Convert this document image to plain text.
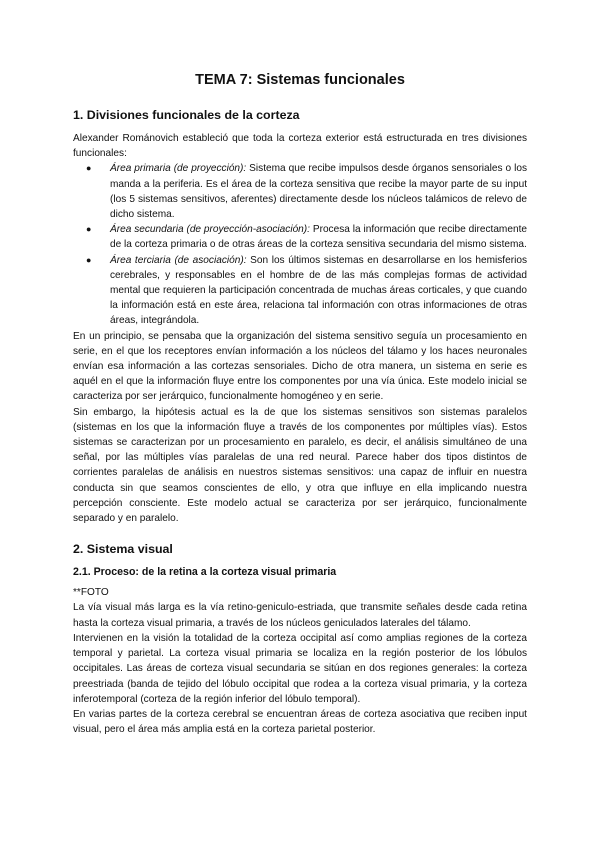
TEMA 7: Sistemas funcionales
1. Divisiones funcionales de la corteza

Alexander Románovich estableció que toda la corteza exterior está estructurada en tres divisiones funcionales:

● Área primaria (de proyección): Sistema que recibe impulsos desde órganos sensoriales o los manda a la periferia. Es el área de la corteza sensitiva que recibe la mayor parte de su input (los 5 sistemas sensitivos, aferentes) directamente desde los núcleos talámicos de relevo de dicho sistema.
● Área secundaria (de proyección-asociación): Procesa la información que recibe directamente de la corteza primaria o de otras áreas de la corteza sensitiva secundaria del mismo sistema.
● Área terciaria (de asociación): Son los últimos sistemas en desarrollarse en los hemisferios cerebrales, y responsables en el hombre de de las más complejas formas de actividad mental que requieren la participación concentrada de muchas áreas corticales, y que cuando la información está en este área, relaciona tal información con otras informaciones de otras áreas, integrándola.

En un principio, se pensaba que la organización del sistema sensitivo seguía un procesamiento en serie, en el que los receptores envían información a los núcleos del tálamo y los haces neuronales envían esa información a las cortezas sensoriales. Dicho de otra manera, un sistema en serie es aquél en el que la información fluye entre los componentes por una vía única. Este modelo inicial se caracteriza por ser jerárquico, funcionalmente homogéneo y en serie.

Sin embargo, la hipótesis actual es la de que los sistemas sensitivos son sistemas paralelos (sistemas en los que la información fluye a través de los componentes por múltiples vías). Estos sistemas se caracterizan por un procesamiento en paralelo, es decir, el análisis simultáneo de una señal, por las múltiples vías paralelas de una red neural. Parece haber dos tipos distintos de corrientes paralelas de análisis en nuestros sistemas sensitivos: una capaz de influir en nuestra conducta sin que seamos conscientes de ello, y otra que influye en ella implicando nuestra percepción consciente. Este modelo actual se caracteriza por ser jerárquico, funcionalmente separado y en paralelo.

2. Sistema visual
2.1. Proceso: de la retina a la corteza visual primaria

**FOTO

La vía visual más larga es la vía retino-geniculo-estriada, que transmite señales desde cada retina hasta la corteza visual primaria, a través de los núcleos geniculados laterales del tálamo.

Intervienen en la visión la totalidad de la corteza occipital así como amplias regiones de la corteza temporal y parietal. La corteza visual primaria se localiza en la región posterior de los lóbulos occipitales. Las áreas de corteza visual secundaria se sitúan en dos regiones generales: la corteza preestriada (banda de tejido del lóbulo occipital que rodea a la corteza visual primaria, y la corteza inferotemporal (corteza de la región inferior del lóbulo temporal).

En varias partes de la corteza cerebral se encuentran áreas de corteza asociativa que reciben input visual, pero el área más amplia está en la corteza parietal posterior.
